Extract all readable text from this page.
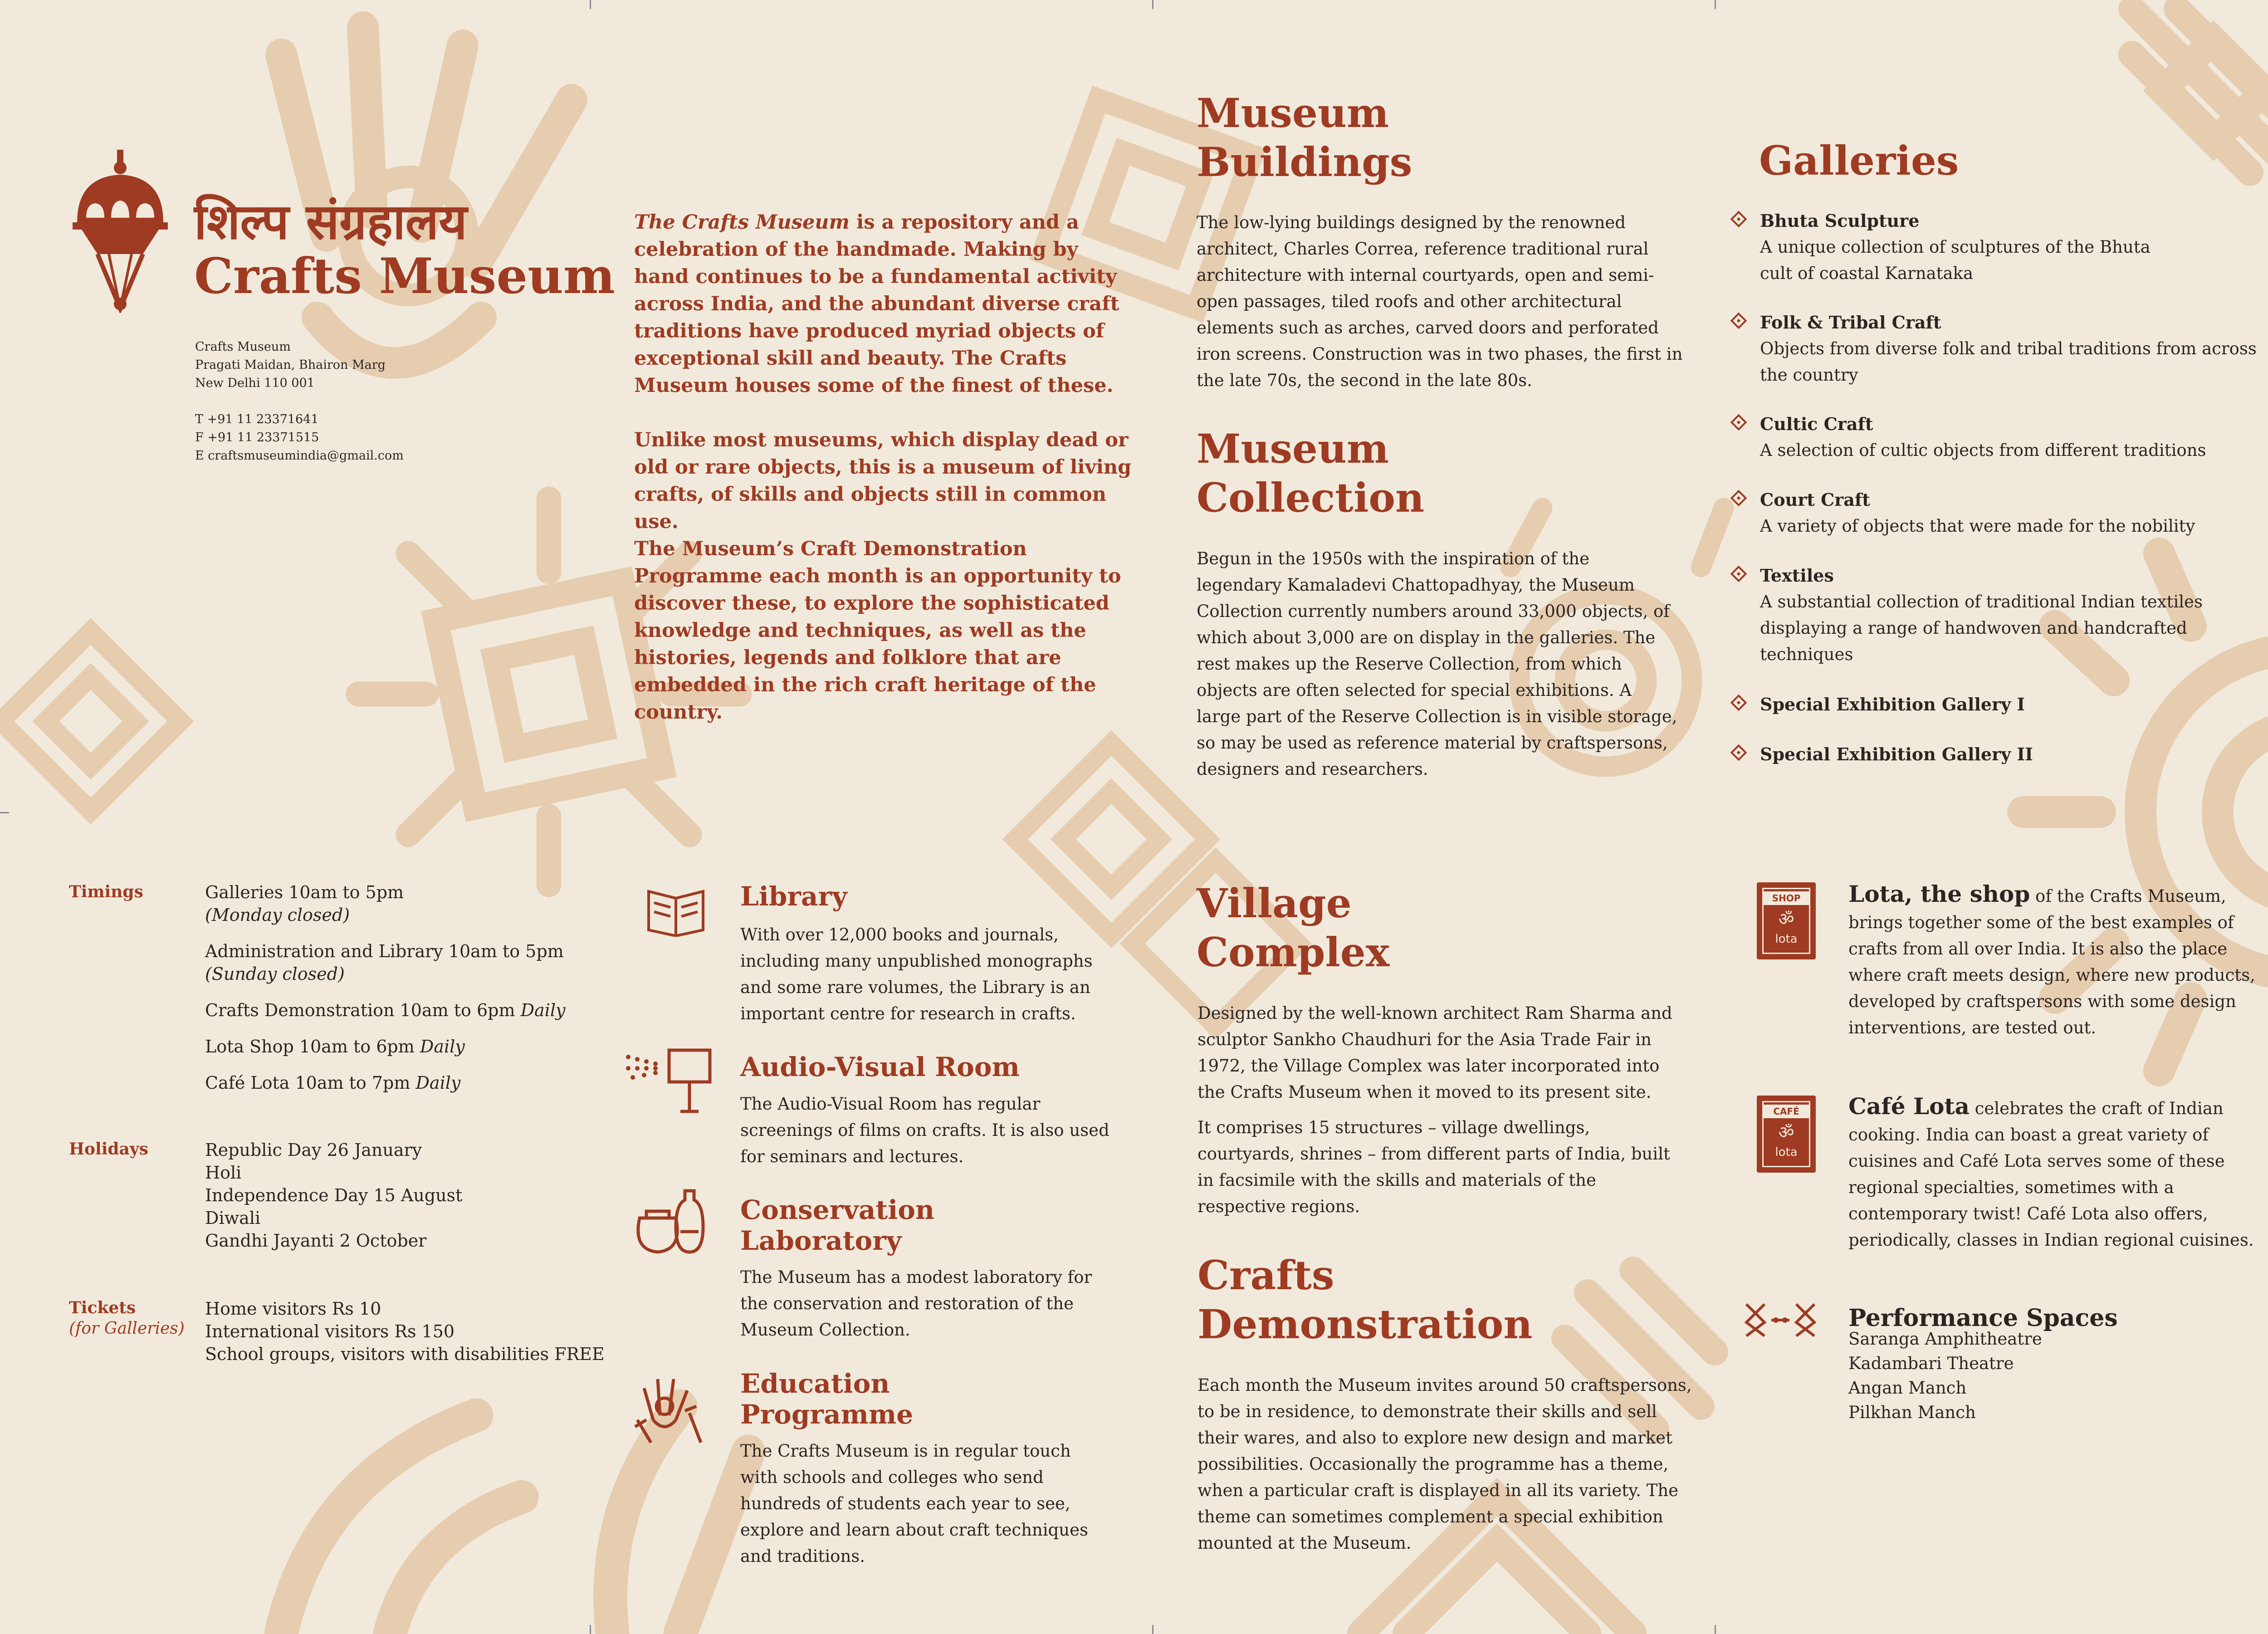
शिल्प संग्रहालय
Crafts Museum
Crafts Museum
Pragati Maidan, Bhairon Marg
New Delhi 110 001
T +91 11 23371641
F +91 11 23371515
E craftsmuseumindia@gmail.com

The Crafts Museum is a repository and a celebration of the handmade. Making by hand continues to be a fundamental activity across India, and the abundant diverse craft traditions have produced myriad objects of exceptional skill and beauty. The Crafts Museum houses some of the finest of these.

Unlike most museums, which display dead or old or rare objects, this is a museum of living crafts, of skills and objects still in common use.

The Museum’s Craft Demonstration Programme each month is an opportunity to discover these, to explore the sophisticated knowledge and techniques, as well as the histories, legends and folklore that are embedded in the rich craft heritage of the country.

Museum
Buildings
The low-lying buildings designed by the renowned architect, Charles Correa, reference traditional rural architecture with internal courtyards, open and semi-open passages, tiled roofs and other architectural elements such as arches, carved doors and perforated iron screens. Construction was in two phases, the first in the late 70s, the second in the late 80s.
Museum
Collection
Begun in the 1950s with the inspiration of the legendary Kamaladevi Chattopadhyay, the Museum Collection currently numbers around 33,000 objects, of which about 3,000 are on display in the galleries. The rest makes up the Reserve Collection, from which objects are often selected for special exhibitions. A large part of the Reserve Collection is in visible storage, so may be used as reference material by craftspersons, designers and researchers.
Galleries
Bhuta Sculpture
A unique collection of sculptures of the Bhuta cult of coastal Karnataka
Folk & Tribal Craft
Objects from diverse folk and tribal traditions from across the country
Cultic Craft
A selection of cultic objects from different traditions
Court Craft
A variety of objects that were made for the nobility
Textiles
A substantial collection of traditional Indian textiles displaying a range of handwoven and handcrafted techniques
Special Exhibition Gallery I
Special Exhibition Gallery II
Timings	Galleries 10am to 5pm
(Monday closed)
Administration and Library 10am to 5pm
(Sunday closed)
Crafts Demonstration 10am to 6pm Daily
Lota Shop 10am to 6pm Daily
Café Lota 10am to 7pm Daily
Holidays	Republic Day 26 January
Holi
Independence Day 15 August
Diwali
Gandhi Jayanti 2 October
Tickets
(for Galleries)
Home visitors Rs 10
International visitors Rs 150
School groups, visitors with disabilities FREE
Library
With over 12,000 books and journals, including many unpublished monographs and some rare volumes, the Library is an important centre for research in crafts.
Audio-Visual Room
The Audio-Visual Room has regular screenings of films on crafts. It is also used for seminars and lectures.
Conservation
Laboratory
The Museum has a modest laboratory for the conservation and restoration of the Museum Collection.
Education
Programme
The Crafts Museum is in regular touch with schools and colleges who send hundreds of students each year to see, explore and learn about craft techniques and traditions.
Village
Complex

Designed by the well-known architect Ram Sharma and sculptor Sankho Chaudhuri for the Asia Trade Fair in 1972, the Village Complex was later incorporated into the Crafts Museum when it moved to its present site.

It comprises 15 structures – village dwellings, courtyards, shrines – from different parts of India, built in facsimile with the skills and materials of the respective regions.

Crafts
Demonstration
Each month the Museum invites around 50 craftspersons, to be in residence, to demonstrate their skills and sell their wares, and also to explore new design and market possibilities. Occasionally the programme has a theme, when a particular craft is displayed in all its variety. The theme can sometimes complement a special exhibition mounted at the Museum.
SHOP
ॐ
lota
Lota, the shop of the Crafts Museum, brings together some of the best examples of crafts from all over India. It is also the place where craft meets design, where new products, developed by craftspersons with some design interventions, are tested out.
CAFÉ
ॐ
lota
Café Lota celebrates the craft of Indian cooking. India can boast a great variety of cuisines and Café Lota serves some of these regional specialties, sometimes with a contemporary twist! Café Lota also offers, periodically, classes in Indian regional cuisines.
Performance Spaces
Saranga Amphitheatre
Kadambari Theatre
Angan Manch
Pilkhan Manch
